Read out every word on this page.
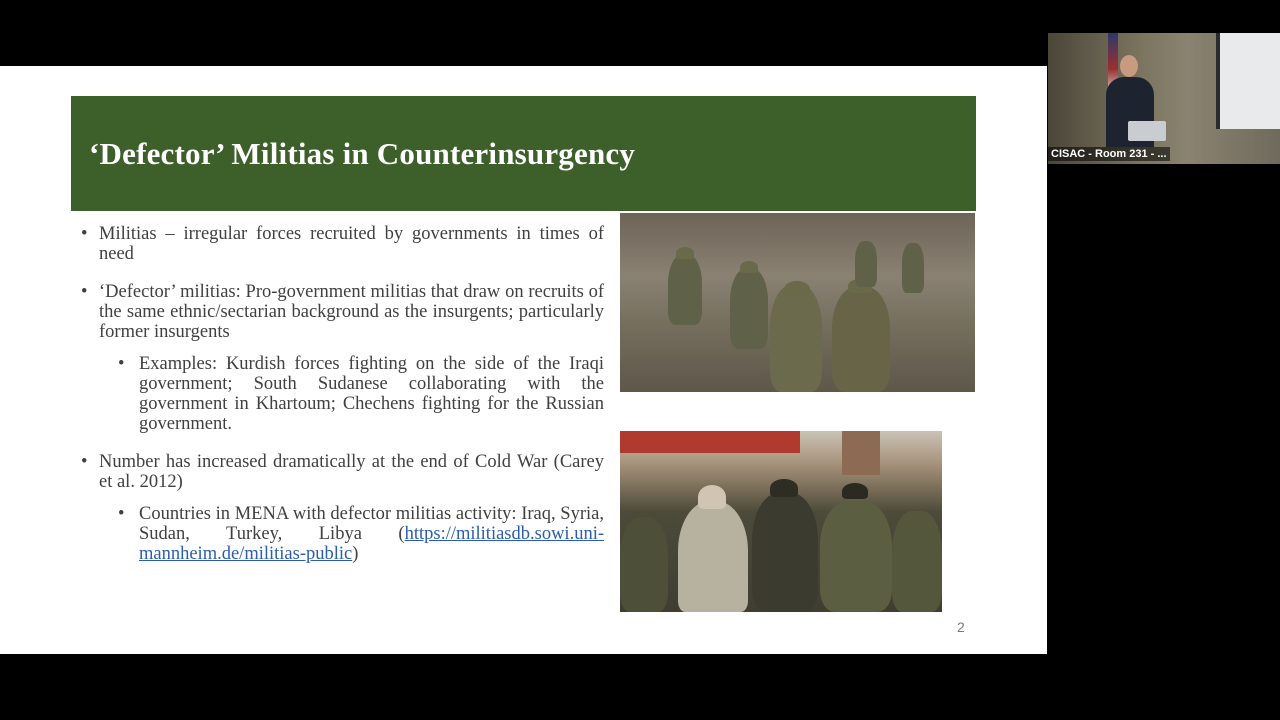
‘Defector’ Militias in Counterinsurgency
• Militias – irregular forces recruited by governments in times of need
• ‘Defector’ militias: Pro-government militias that draw on recruits of the same ethnic/sectarian background as the insurgents; particularly former insurgents
• Examples: Kurdish forces fighting on the side of the Iraqi government; South Sudanese collaborating with the government in Khartoum; Chechens fighting for the Russian government.
• Number has increased dramatically at the end of Cold War (Carey et al. 2012)
• Countries in MENA with defector militias activity: Iraq, Syria, Sudan, Turkey, Libya (https://militiasdb.sowi.uni-mannheim.de/militias-public)
2
CISAC - Room 231 - ...
